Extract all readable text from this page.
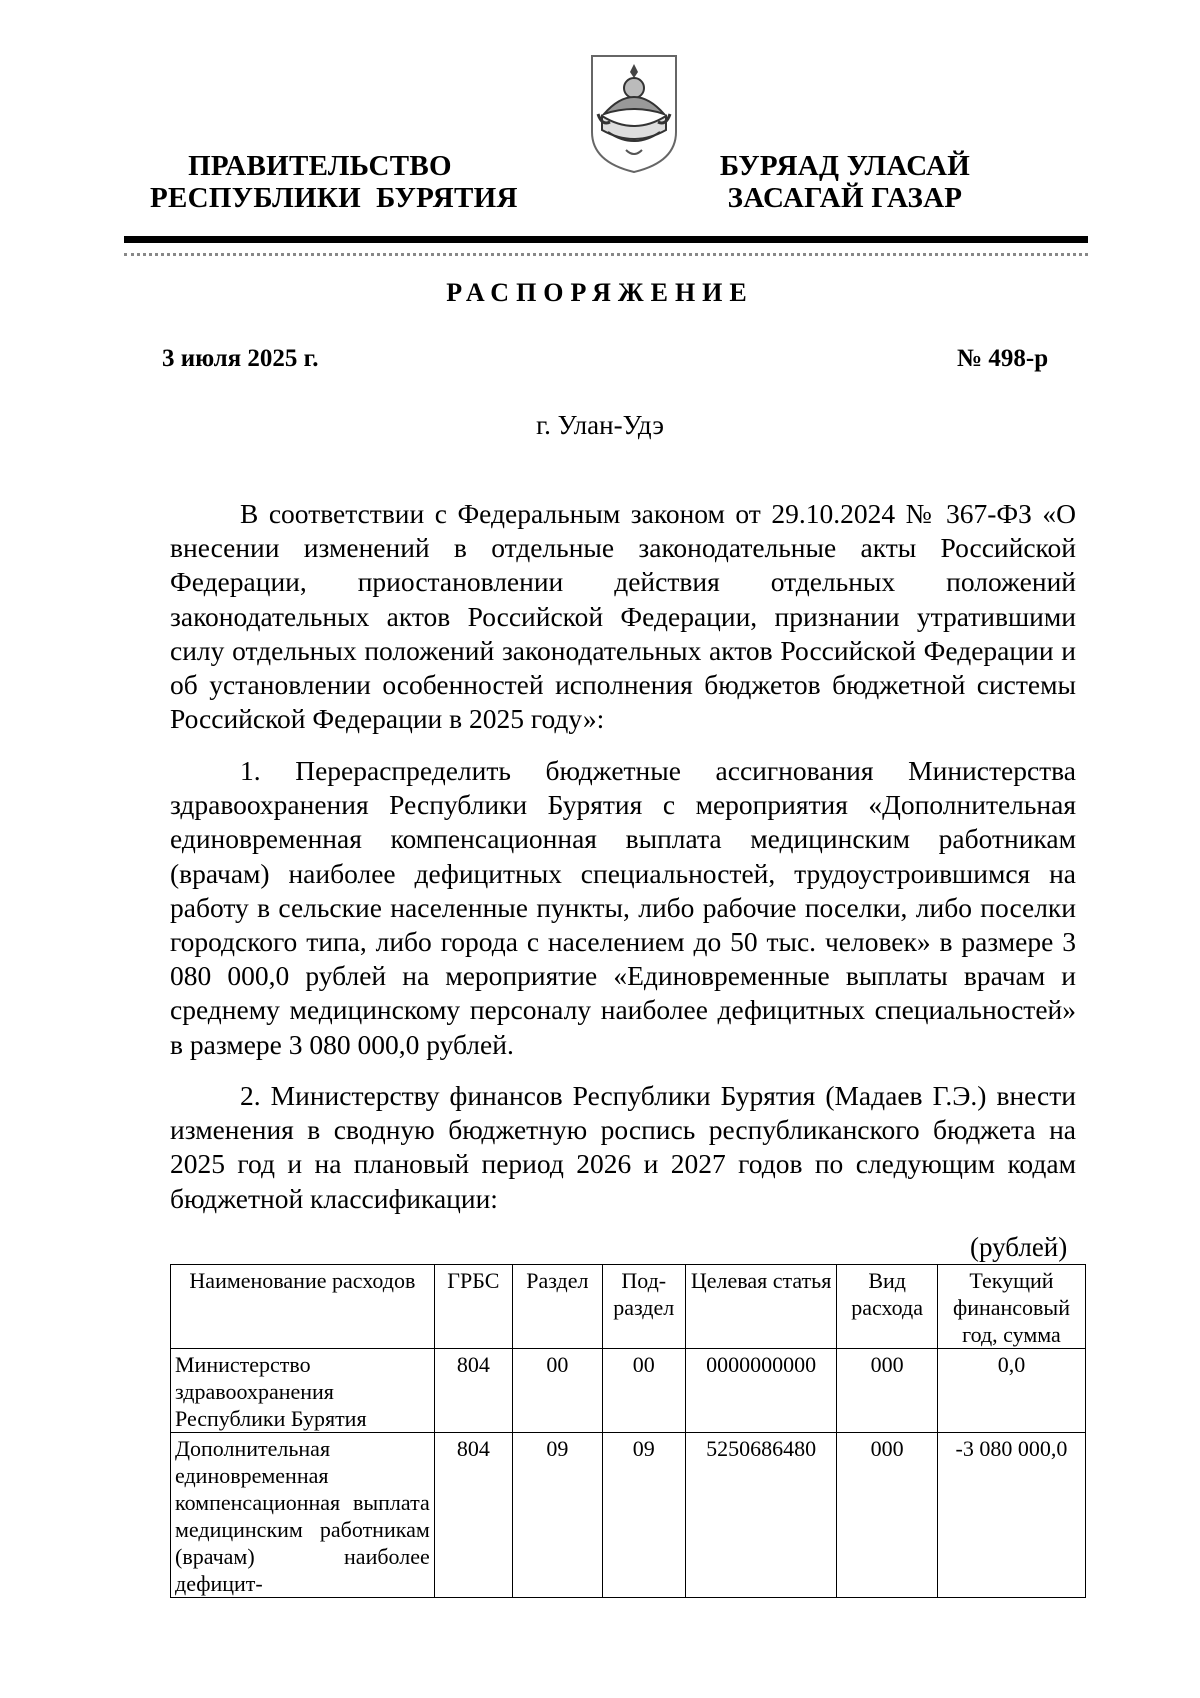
ПРАВИТЕЛЬСТВО
РЕСПУБЛИКИ  БУРЯТИЯ
БУРЯАД УЛАСАЙ
ЗАСАГАЙ ГАЗАР
РАСПОРЯЖЕНИЕ
3 июля 2025 г.	№ 498-р
г. Улан-Удэ

В соответствии с Федеральным законом от 29.10.2024 № 367-ФЗ «О внесении изменений в отдельные законодательные акты Российской Федерации, приостановлении действия отдельных положений законодательных актов Российской Федерации, признании утратившими силу отдельных положений законодательных актов Российской Федерации и об установлении особенностей исполнения бюджетов бюджетной системы Российской Федерации в 2025 году»:

1. Перераспределить бюджетные ассигнования Министерства здравоохранения Республики Бурятия с мероприятия «Дополнительная единовременная компенсационная выплата медицинским работникам (врачам) наиболее дефицитных специальностей, трудоустроившимся на работу в сельские населенные пункты, либо рабочие поселки, либо поселки городского типа, либо города с населением до 50 тыс. человек» в размере 3 080 000,0 рублей на мероприятие «Единовременные выплаты врачам и среднему медицинскому персоналу наиболее дефицитных специальностей» в размере 3 080 000,0 рублей.

2. Министерству финансов Республики Бурятия (Мадаев Г.Э.) внести изменения в сводную бюджетную роспись республиканского бюджета на 2025 год и на плановый период 2026 и 2027 годов по следующим кодам бюджетной классификации:

(рублей)
Наименование расходов	ГРБС	Раздел	Под-раздел	Целевая статья	Вид расхода	Текущий финансовый год, сумма
Министерство здравоохранения Республики Бурятия	804	00	00	0000000000	000	0,0
Дополнительная единовременная компенсационная выплата медицинским работникам (врачам) наиболее дефицит-	804	09	09	5250686480	000	-3 080 000,0
